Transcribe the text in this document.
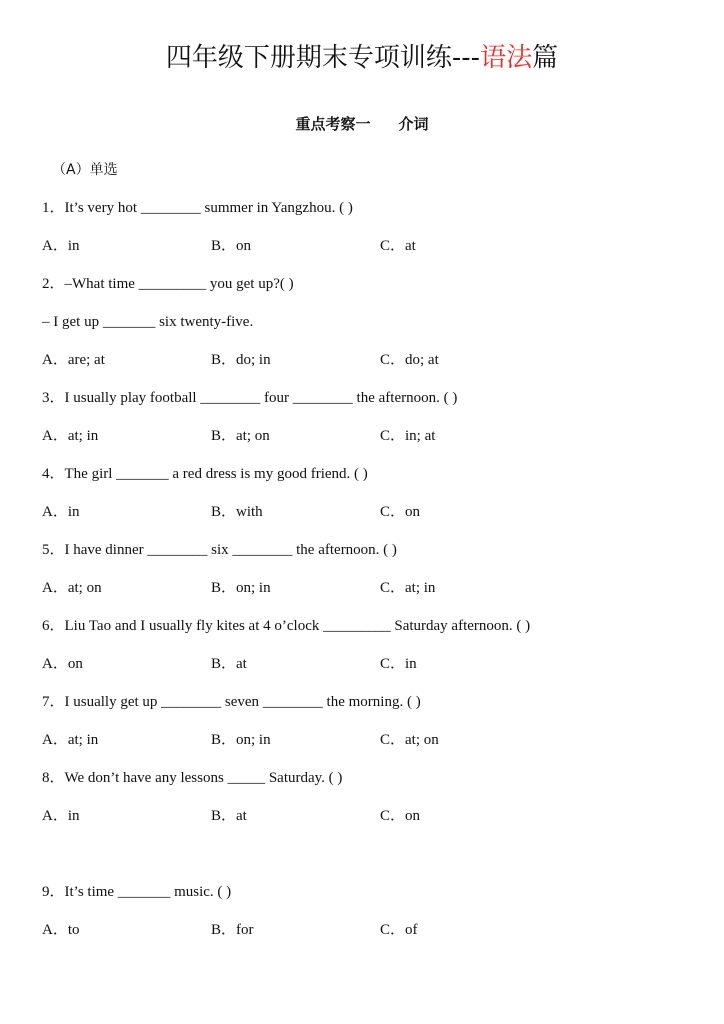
四年级下册期末专项训练---语法篇
重点考察一 介词
（A）单选
1．It’s very hot ________ summer in Yangzhou. ( )
A．in	B．on	C．at
2．–What time _________ you get up?( )
– I get up _______ six twenty-five.
A．are; at	B．do; in	C．do; at
3．I usually play football ________ four ________ the afternoon. ( )
A．at; in	B．at; on	C．in; at
4．The girl _______ a red dress is my good friend. ( )
A．in	B．with	C．on
5．I have dinner ________ six ________ the afternoon. ( )
A．at; on	B．on; in	C．at; in
6．Liu Tao and I usually fly kites at 4 o’clock _________ Saturday afternoon. ( )
A．on	B．at	C．in
7．I usually get up ________ seven ________ the morning. ( )
A．at; in	B．on; in	C．at; on
8．We don’t have any lessons _____ Saturday. ( )
A．in	B．at	C．on
9．It’s time _______ music. ( )
A．to	B．for	C．of
